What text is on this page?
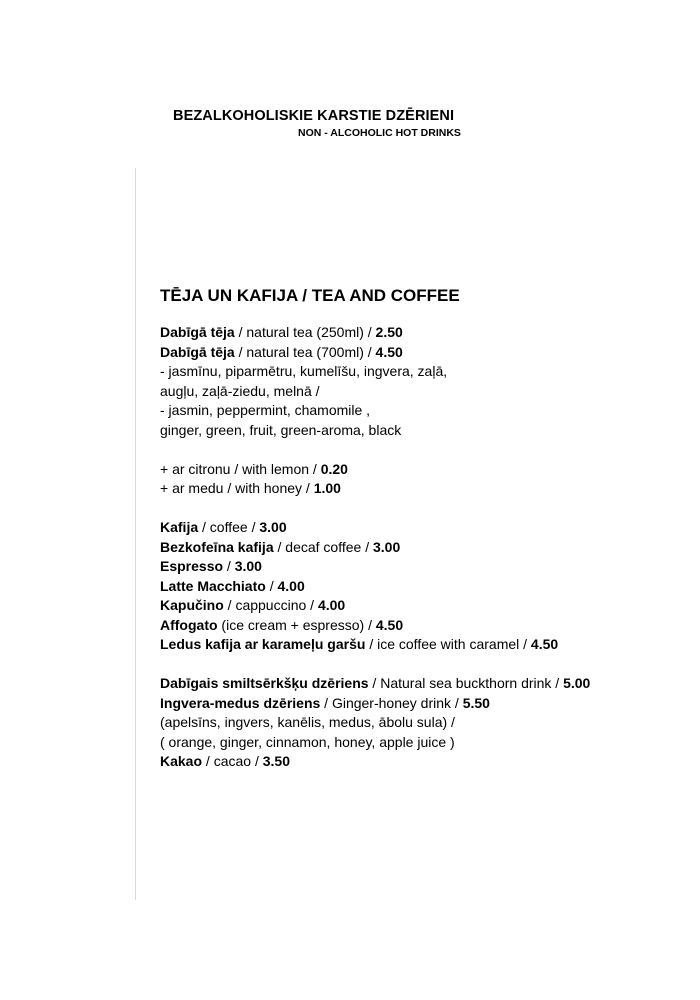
BEZALKOHOLISKIE KARSTIE DZĒRIENI
NON - ALCOHOLIC HOT DRINKS
TĒJA UN KAFIJA / TEA AND COFFEE
Dabīgā tēja / natural tea (250ml) / 2.50
Dabīgā tēja / natural tea (700ml) / 4.50
- jasmīnu, piparmētru, kumelīšu, ingvera, zaļā,
augļu, zaļā-ziedu, melnā /
- jasmin, peppermint, chamomile ,
ginger, green, fruit, green-aroma, black
+ ar citronu / with lemon / 0.20
+ ar medu / with honey / 1.00
Kafija / coffee / 3.00
Bezkofeīna kafija / decaf coffee / 3.00
Espresso / 3.00
Latte Macchiato / 4.00
Kapučino / cappuccino / 4.00
Affogato (ice cream + espresso) / 4.50
Ledus kafija ar karameļu garšu / ice coffee with caramel / 4.50
Dabīgais smiltsērkšķu dzēriens / Natural sea buckthorn drink / 5.00
Ingvera-medus dzēriens / Ginger-honey drink / 5.50
(apelsīns, ingvers, kanēlis, medus, ābolu sula) /
( orange, ginger, cinnamon, honey, apple juice )
Kakao / cacao / 3.50
